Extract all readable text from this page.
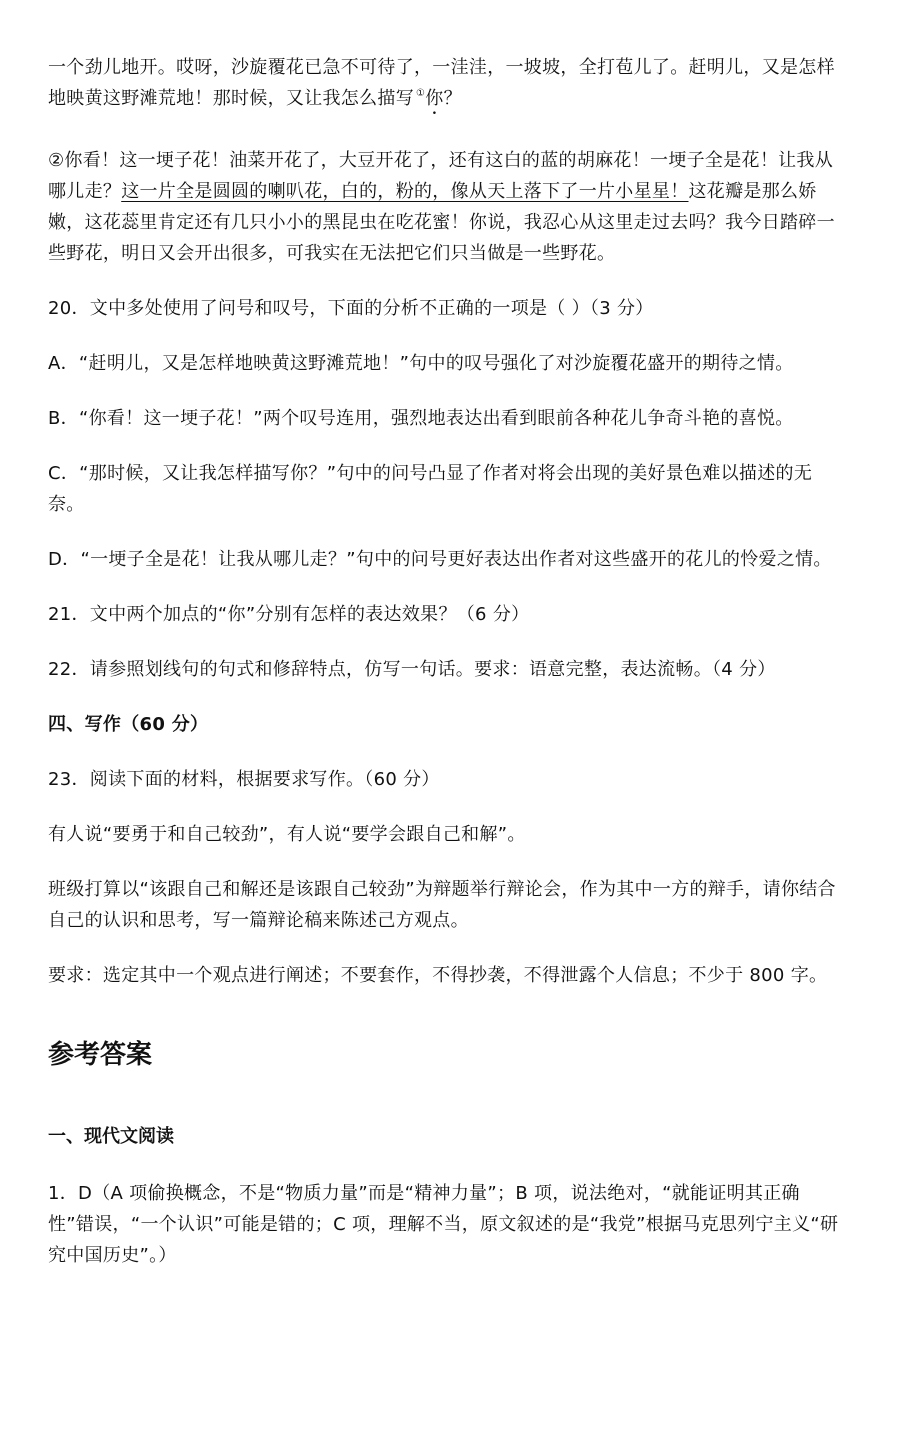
一个劲儿地开。哎呀，沙旋覆花已急不可待了，一洼洼，一坡坡，全打苞儿了。赶明儿，又是怎样地映黄这野滩荒地！那时候，又让我怎么描写 ①你？

②你看！这一埂子花！油菜开花了，大豆开花了，还有这白的蓝的胡麻花！一埂子全是花！让我从哪儿走？这一片全是圆圆的喇叭花，白的，粉的，像从天上落下了一片小星星！这花瓣是那么娇嫩，这花蕊里肯定还有几只小小的黑昆虫在吃花蜜！你说，我忍心从这里走过去吗？我今日踏碎一些野花，明日又会开出很多，可我实在无法把它们只当做是一些野花。

20．文中多处使用了问号和叹号，下面的分析不正确的一项是（ ）（3 分）

A．“赶明儿，又是怎样地映黄这野滩荒地！”句中的叹号强化了对沙旋覆花盛开的期待之情。

B．“你看！这一埂子花！”两个叹号连用，强烈地表达出看到眼前各种花儿争奇斗艳的喜悦。

C．“那时候，又让我怎样描写你？”句中的问号凸显了作者对将会出现的美好景色难以描述的无奈。

D．“一埂子全是花！让我从哪儿走？”句中的问号更好表达出作者对这些盛开的花儿的怜爱之情。

21．文中两个加点的“你”分别有怎样的表达效果？（6 分）

22．请参照划线句的句式和修辞特点，仿写一句话。要求：语意完整，表达流畅。（4 分）

四、写作（60 分）

23．阅读下面的材料，根据要求写作。（60 分）

有人说“要勇于和自己较劲”，有人说“要学会跟自己和解”。

班级打算以“该跟自己和解还是该跟自己较劲”为辩题举行辩论会，作为其中一方的辩手，请你结合自己的认识和思考，写一篇辩论稿来陈述己方观点。

要求：选定其中一个观点进行阐述；不要套作，不得抄袭，不得泄露个人信息；不少于 800 字。

参考答案
一、现代文阅读

1．D（A 项偷换概念，不是“物质力量”而是“精神力量”；B 项，说法绝对，“就能证明其正确性”错误，“一个认识”可能是错的；C 项，理解不当，原文叙述的是“我党”根据马克思列宁主义“研究中国历史”。）
